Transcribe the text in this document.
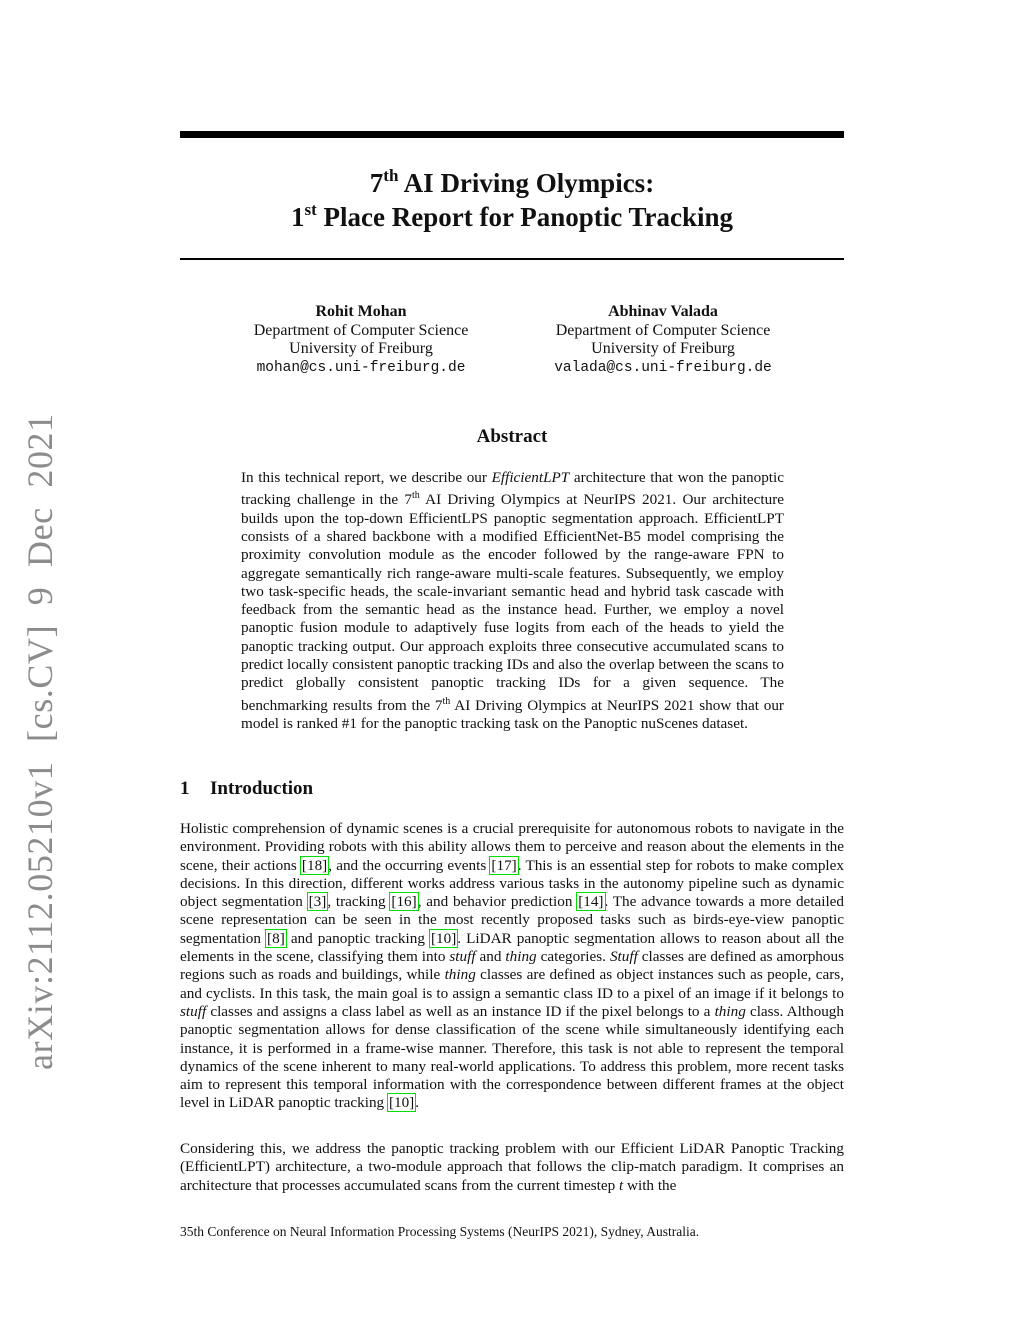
arXiv:2112.05210v1 [cs.CV] 9 Dec 2021
7th AI Driving Olympics:
1st Place Report for Panoptic Tracking
Rohit Mohan
Department of Computer Science
University of Freiburg
mohan@cs.uni-freiburg.de
Abhinav Valada
Department of Computer Science
University of Freiburg
valada@cs.uni-freiburg.de
Abstract
In this technical report, we describe our EfficientLPT architecture that won the panoptic tracking challenge in the 7th AI Driving Olympics at NeurIPS 2021. Our architecture builds upon the top-down EfficientLPS panoptic segmentation approach. EfficientLPT consists of a shared backbone with a modified EfficientNet-B5 model comprising the proximity convolution module as the encoder followed by the range-aware FPN to aggregate semantically rich range-aware multi-scale features. Subsequently, we employ two task-specific heads, the scale-invariant semantic head and hybrid task cascade with feedback from the semantic head as the instance head. Further, we employ a novel panoptic fusion module to adaptively fuse logits from each of the heads to yield the panoptic tracking output. Our approach exploits three consecutive accumulated scans to predict locally consistent panoptic tracking IDs and also the overlap between the scans to predict globally consistent panoptic tracking IDs for a given sequence. The benchmarking results from the 7th AI Driving Olympics at NeurIPS 2021 show that our model is ranked #1 for the panoptic tracking task on the Panoptic nuScenes dataset.
1 Introduction
Holistic comprehension of dynamic scenes is a crucial prerequisite for autonomous robots to navigate in the environment. Providing robots with this ability allows them to perceive and reason about the elements in the scene, their actions [18], and the occurring events [17]. This is an essential step for robots to make complex decisions. In this direction, different works address various tasks in the autonomy pipeline such as dynamic object segmentation [3], tracking [16], and behavior prediction [14]. The advance towards a more detailed scene representation can be seen in the most recently proposed tasks such as birds-eye-view panoptic segmentation [8] and panoptic tracking [10]. LiDAR panoptic segmentation allows to reason about all the elements in the scene, classifying them into stuff and thing categories. Stuff classes are defined as amorphous regions such as roads and buildings, while thing classes are defined as object instances such as people, cars, and cyclists. In this task, the main goal is to assign a semantic class ID to a pixel of an image if it belongs to stuff classes and assigns a class label as well as an instance ID if the pixel belongs to a thing class. Although panoptic segmentation allows for dense classification of the scene while simultaneously identifying each instance, it is performed in a frame-wise manner. Therefore, this task is not able to represent the temporal dynamics of the scene inherent to many real-world applications. To address this problem, more recent tasks aim to represent this temporal information with the correspondence between different frames at the object level in LiDAR panoptic tracking [10].
Considering this, we address the panoptic tracking problem with our Efficient LiDAR Panoptic Tracking (EfficientLPT) architecture, a two-module approach that follows the clip-match paradigm. It comprises an architecture that processes accumulated scans from the current timestep t with the
35th Conference on Neural Information Processing Systems (NeurIPS 2021), Sydney, Australia.
